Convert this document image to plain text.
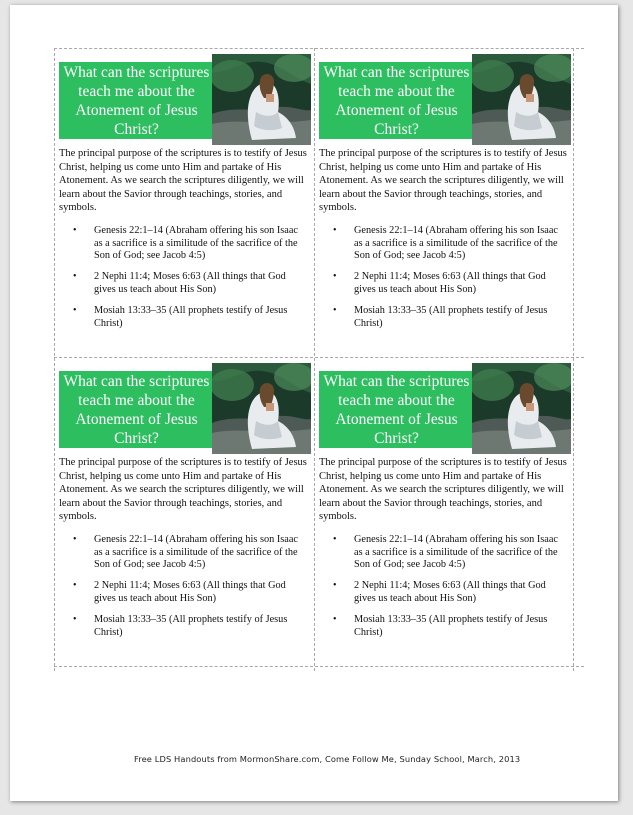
What can the scriptures teach me about the Atonement of Jesus Christ?

The principal purpose of the scriptures is to testify of Jesus Christ, helping us come unto Him and partake of His Atonement. As we search the scriptures diligently, we will learn about the Savior through teachings, stories, and symbols.

• Genesis 22:1–14 (Abraham offering his son Isaac as a sacrifice is a similitude of the sacrifice of the Son of God; see Jacob 4:5)
• 2 Nephi 11:4; Moses 6:63 (All things that God gives us teach about His Son)
• Mosiah 13:33–35 (All prophets testify of Jesus Christ)
What can the scriptures teach me about the Atonement of Jesus Christ?

The principal purpose of the scriptures is to testify of Jesus Christ, helping us come unto Him and partake of His Atonement. As we search the scriptures diligently, we will learn about the Savior through teachings, stories, and symbols.

• Genesis 22:1–14 (Abraham offering his son Isaac as a sacrifice is a similitude of the sacrifice of the Son of God; see Jacob 4:5)
• 2 Nephi 11:4; Moses 6:63 (All things that God gives us teach about His Son)
• Mosiah 13:33–35 (All prophets testify of Jesus Christ)
What can the scriptures teach me about the Atonement of Jesus Christ?

The principal purpose of the scriptures is to testify of Jesus Christ, helping us come unto Him and partake of His Atonement. As we search the scriptures diligently, we will learn about the Savior through teachings, stories, and symbols.

• Genesis 22:1–14 (Abraham offering his son Isaac as a sacrifice is a similitude of the sacrifice of the Son of God; see Jacob 4:5)
• 2 Nephi 11:4; Moses 6:63 (All things that God gives us teach about His Son)
• Mosiah 13:33–35 (All prophets testify of Jesus Christ)
What can the scriptures teach me about the Atonement of Jesus Christ?

The principal purpose of the scriptures is to testify of Jesus Christ, helping us come unto Him and partake of His Atonement. As we search the scriptures diligently, we will learn about the Savior through teachings, stories, and symbols.

• Genesis 22:1–14 (Abraham offering his son Isaac as a sacrifice is a similitude of the sacrifice of the Son of God; see Jacob 4:5)
• 2 Nephi 11:4; Moses 6:63 (All things that God gives us teach about His Son)
• Mosiah 13:33–35 (All prophets testify of Jesus Christ)
Free LDS Handouts from MormonShare.com, Come Follow Me, Sunday School, March, 2013
